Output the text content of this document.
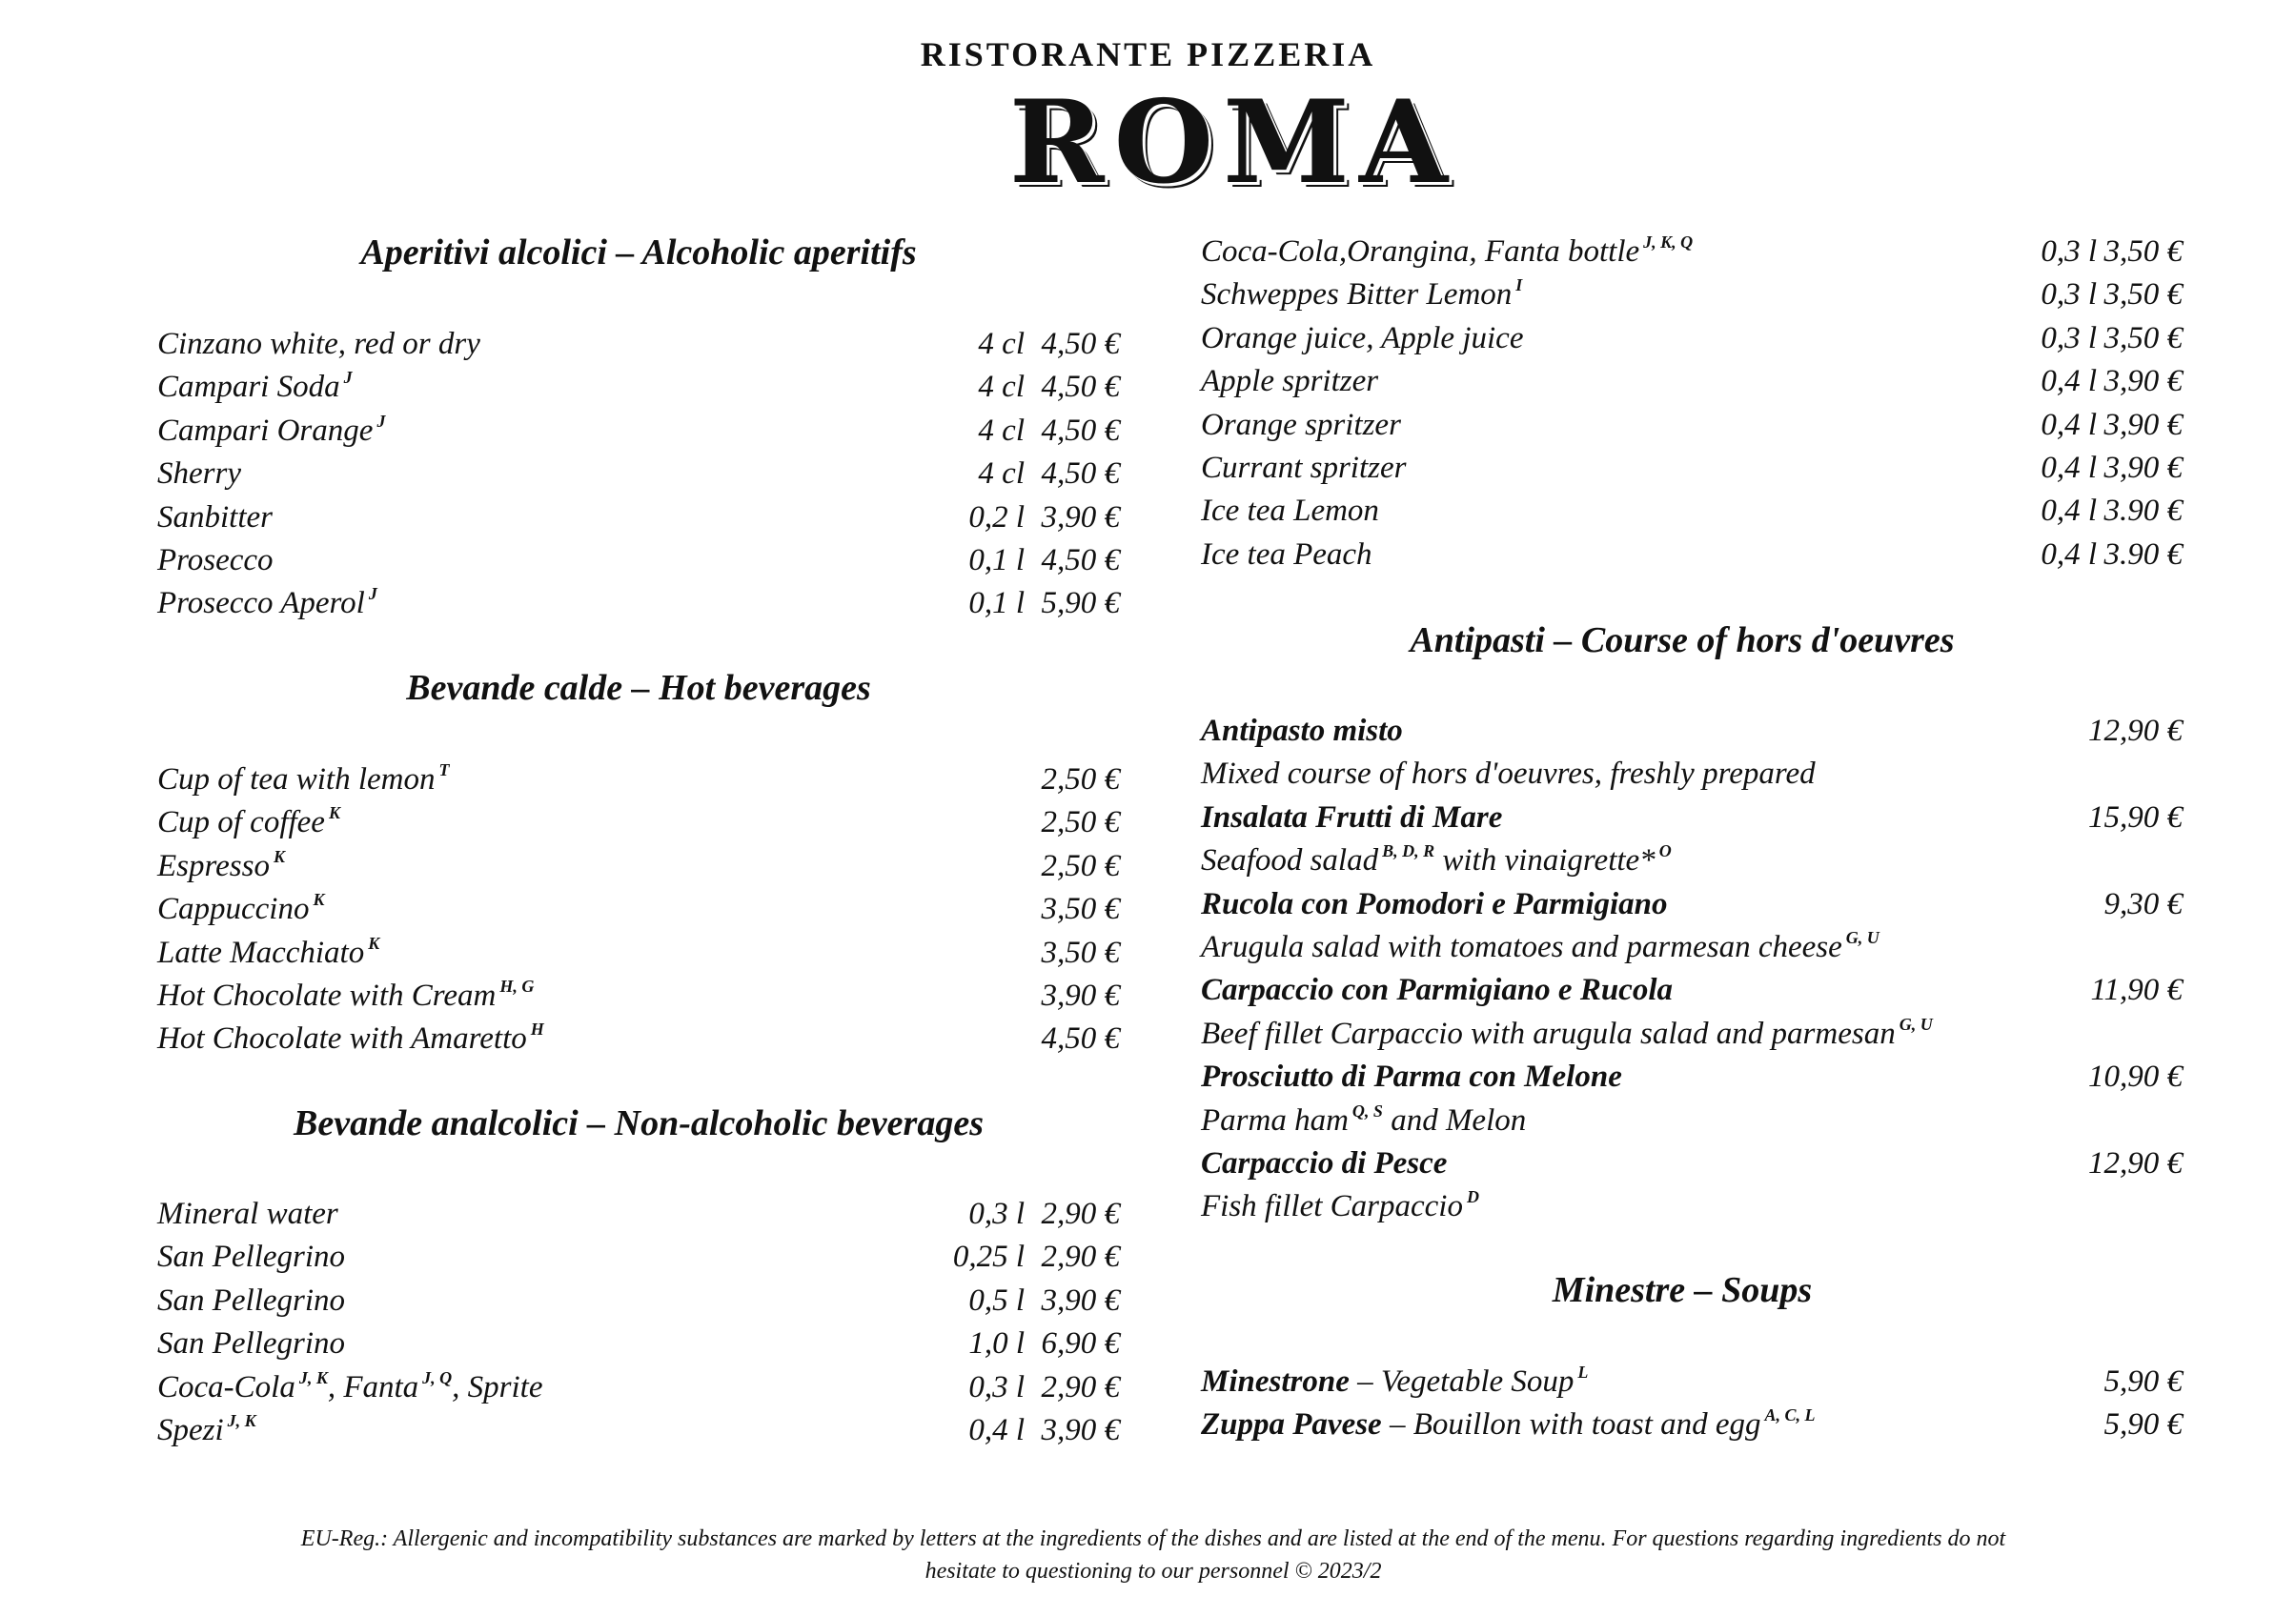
RISTORANTE PIZZERIA
ROMA
Aperitivi alcolici – Alcoholic aperitifs
Cinzano white, red or dry	4 cl 4,50 €
Campari Soda $^J$	4 cl 4,50 €
Campari Orange $^J$	4 cl 4,50 €
Sherry	4 cl 4,50 €
Sanbitter	0,2 l 3,90 €
Prosecco	0,1 l 4,50 €
Prosecco Aperol $^J$	0,1 l 5,90 €
Bevande calde – Hot beverages
Cup of tea with lemon $^T$	2,50 €
Cup of coffee $^K$	2,50 €
Espresso $^K$	2,50 €
Cappuccino $^K$	3,50 €
Latte Macchiato $^K$	3,50 €
Hot Chocolate with Cream $^{H, G}$	3,90 €
Hot Chocolate with Amaretto $^H$	4,50 €
Bevande analcolici – Non-alcoholic beverages
Mineral water	0,3 l 2,90 €
San Pellegrino	0,25 l 2,90 €
San Pellegrino	0,5 l 3,90 €
San Pellegrino	1,0 l 6,90 €
Coca-Cola $^{J, K}$, Fanta $^{J, Q}$, Sprite	0,3 l 2,90 €
Spezi $^{J, K}$	0,4 l 3,90 €
Coca-Cola,Orangina, Fanta bottle $^{J, K, Q}$	0,3 l 3,50 €
Schweppes Bitter Lemon $^I$	0,3 l 3,50 €
Orange juice, Apple juice	0,3 l 3,50 €
Apple spritzer	0,4 l 3,90 €
Orange spritzer	0,4 l 3,90 €
Currant spritzer	0,4 l 3,90 €
Ice tea Lemon	0,4 l 3.90 €
Ice tea Peach	0,4 l 3.90 €
Antipasti – Course of hors d'oeuvres
Antipasto misto	12,90 €
Mixed course of hors d'oeuvres, freshly prepared
Insalata Frutti di Mare	15,90 €
Seafood salad $^{B, D, R}$ with vinaigrette* $^O$
Rucola con Pomodori e Parmigiano	9,30 €
Arugula salad with tomatoes and parmesan cheese $^{G, U}$
Carpaccio con Parmigiano e Rucola	11,90 €
Beef fillet Carpaccio with arugula salad and parmesan $^{G, U}$
Prosciutto di Parma con Melone	10,90 €
Parma ham $^{Q, S}$ and Melon
Carpaccio di Pesce	12,90 €
Fish fillet Carpaccio $^D$
Minestre – Soups
Minestrone – Vegetable Soup $^L$	5,90 €
Zuppa Pavese – Bouillon with toast and egg $^{A, C, L}$	5,90 €
EU-Reg.: Allergenic and incompatibility substances are marked by letters at the ingredients of the dishes and are listed at the end of the menu. For questions regarding ingredients do not
hesitate to questioning to our personnel © 2023/2
